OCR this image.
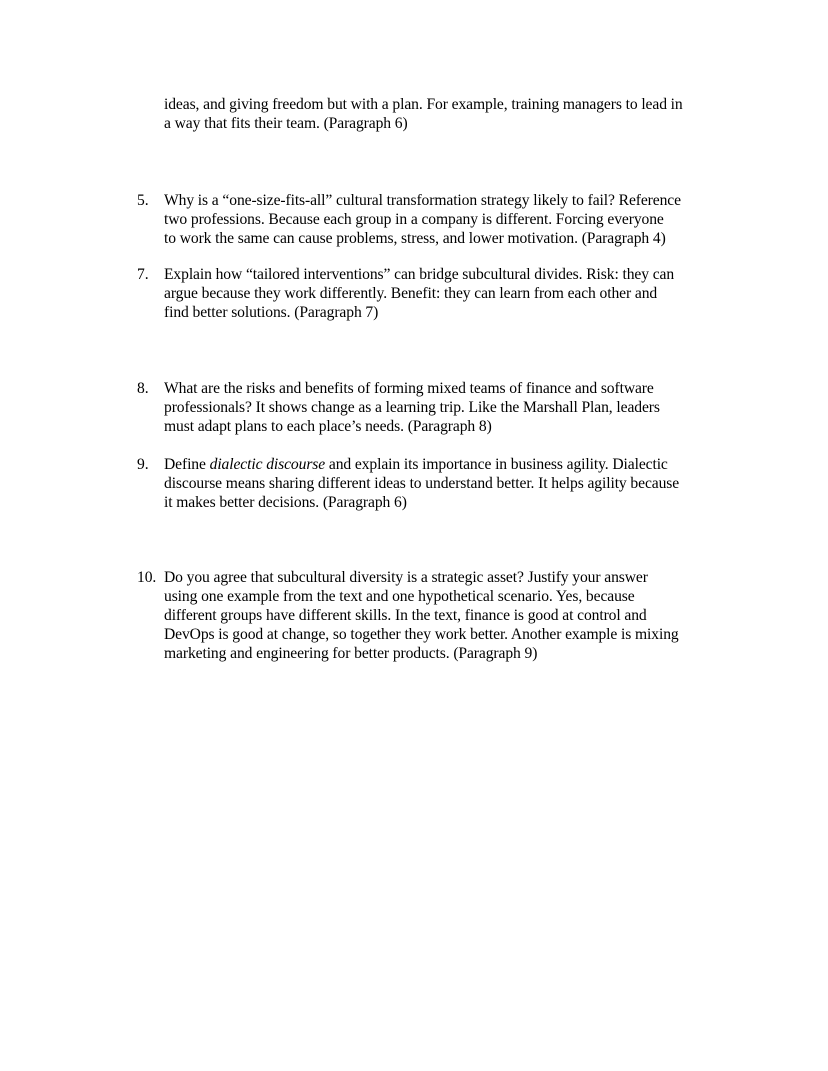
ideas, and giving freedom but with a plan. For example, training managers to lead in
a way that fits their team. (Paragraph 6)
5. Why is a “one-size-fits-all” cultural transformation strategy likely to fail? Reference
two professions. Because each group in a company is different. Forcing everyone
to work the same can cause problems, stress, and lower motivation. (Paragraph 4)
7. Explain how “tailored interventions” can bridge subcultural divides. Risk: they can
argue because they work differently. Benefit: they can learn from each other and
find better solutions. (Paragraph 7)
8. What are the risks and benefits of forming mixed teams of finance and software
professionals? It shows change as a learning trip. Like the Marshall Plan, leaders
must adapt plans to each place’s needs. (Paragraph 8)
9. Define dialectic discourse and explain its importance in business agility. Dialectic
discourse means sharing different ideas to understand better. It helps agility because
it makes better decisions. (Paragraph 6)
10. Do you agree that subcultural diversity is a strategic asset? Justify your answer
using one example from the text and one hypothetical scenario. Yes, because
different groups have different skills. In the text, finance is good at control and
DevOps is good at change, so together they work better. Another example is mixing
marketing and engineering for better products. (Paragraph 9)
